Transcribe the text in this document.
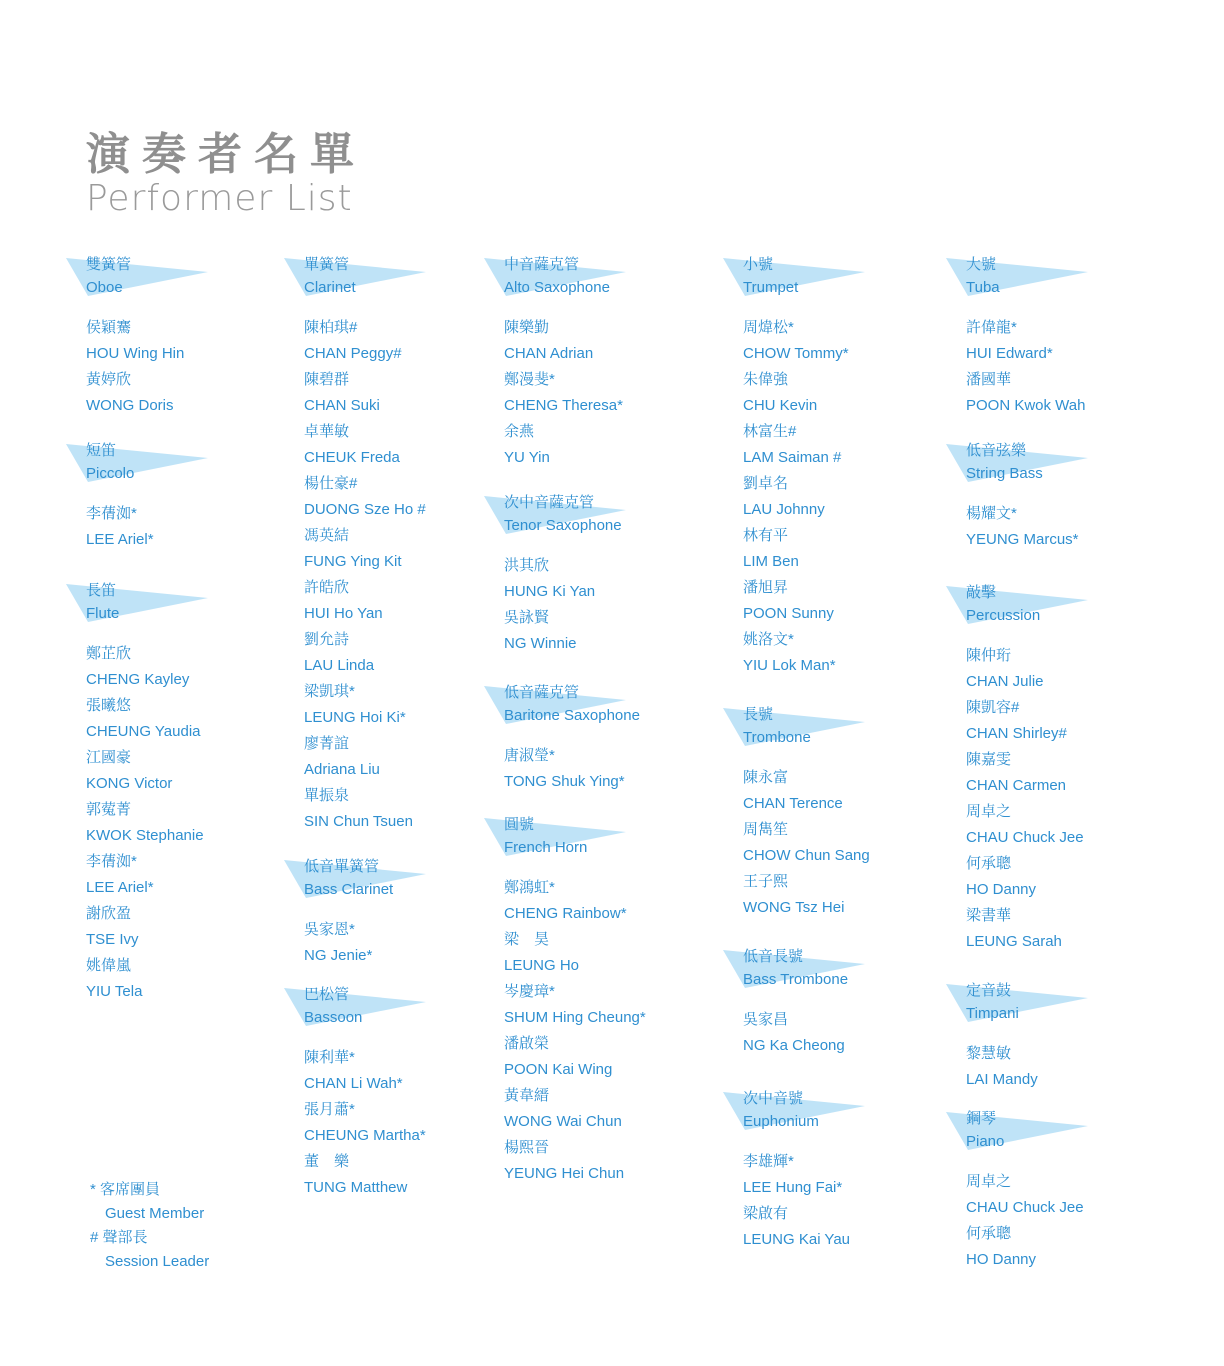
演奏者名單
Performer List
雙簧管
Oboe
侯穎騫
HOU Wing Hin
黃婷欣
WONG Doris
短笛
Piccolo
李蒨洳*
LEE Ariel*
長笛
Flute
鄭芷欣
CHENG Kayley
張曦悠
CHEUNG Yaudia
江國豪
KONG Victor
郭蒬菁
KWOK Stephanie
李蒨洳*
LEE Ariel*
謝欣盈
TSE Ivy
姚偉嵐
YIU Tela
單簧管
Clarinet
陳柏琪#
CHAN Peggy#
陳碧群
CHAN Suki
卓華敏
CHEUK Freda
楊仕豪#
DUONG Sze Ho #
馮英結
FUNG Ying Kit
許皓欣
HUI Ho Yan
劉允詩
LAU Linda
梁凱琪*
LEUNG Hoi Ki*
廖菁誼
Adriana Liu
單振泉
SIN Chun Tsuen
低音單簧管
Bass Clarinet
吳家恩*
NG Jenie*
巴松管
Bassoon
陳利華*
CHAN Li Wah*
張月蕭*
CHEUNG Martha*
董　樂
TUNG Matthew
中音薩克管
Alto Saxophone
陳樂勤
CHAN Adrian
鄭漫斐*
CHENG Theresa*
余燕
YU Yin
次中音薩克管
Tenor Saxophone
洪其欣
HUNG Ki Yan
吳詠賢
NG Winnie
低音薩克管
Baritone Saxophone
唐淑瑩*
TONG Shuk Ying*
圓號
French Horn
鄭鴻虹*
CHENG Rainbow*
梁　昊
LEUNG Ho
岑慶璋*
SHUM Hing Cheung*
潘啟榮
POON Kai Wing
黃韋縉
WONG Wai Chun
楊熙晉
YEUNG Hei Chun
小號
Trumpet
周煒松*
CHOW Tommy*
朱偉強
CHU Kevin
林富生#
LAM Saiman #
劉卓名
LAU Johnny
林有平
LIM Ben
潘旭昇
POON Sunny
姚洛文*
YIU Lok Man*
長號
Trombone
陳永富
CHAN Terence
周雋笙
CHOW Chun Sang
王子熙
WONG Tsz Hei
低音長號
Bass Trombone
吳家昌
NG Ka Cheong
次中音號
Euphonium
李雄輝*
LEE Hung Fai*
梁啟有
LEUNG Kai Yau
大號
Tuba
許偉龍*
HUI Edward*
潘國華
POON Kwok Wah
低音弦樂
String Bass
楊耀文*
YEUNG Marcus*
敲擊
Percussion
陳仲珩
CHAN Julie
陳凱容#
CHAN Shirley#
陳嘉雯
CHAN Carmen
周卓之
CHAU Chuck Jee
何承聰
HO Danny
梁書華
LEUNG Sarah
定音鼓
Timpani
黎慧敏
LAI Mandy
鋼琴
Piano
周卓之
CHAU Chuck Jee
何承聰
HO Danny
* 客席團員
Guest Member
# 聲部長
Session Leader
